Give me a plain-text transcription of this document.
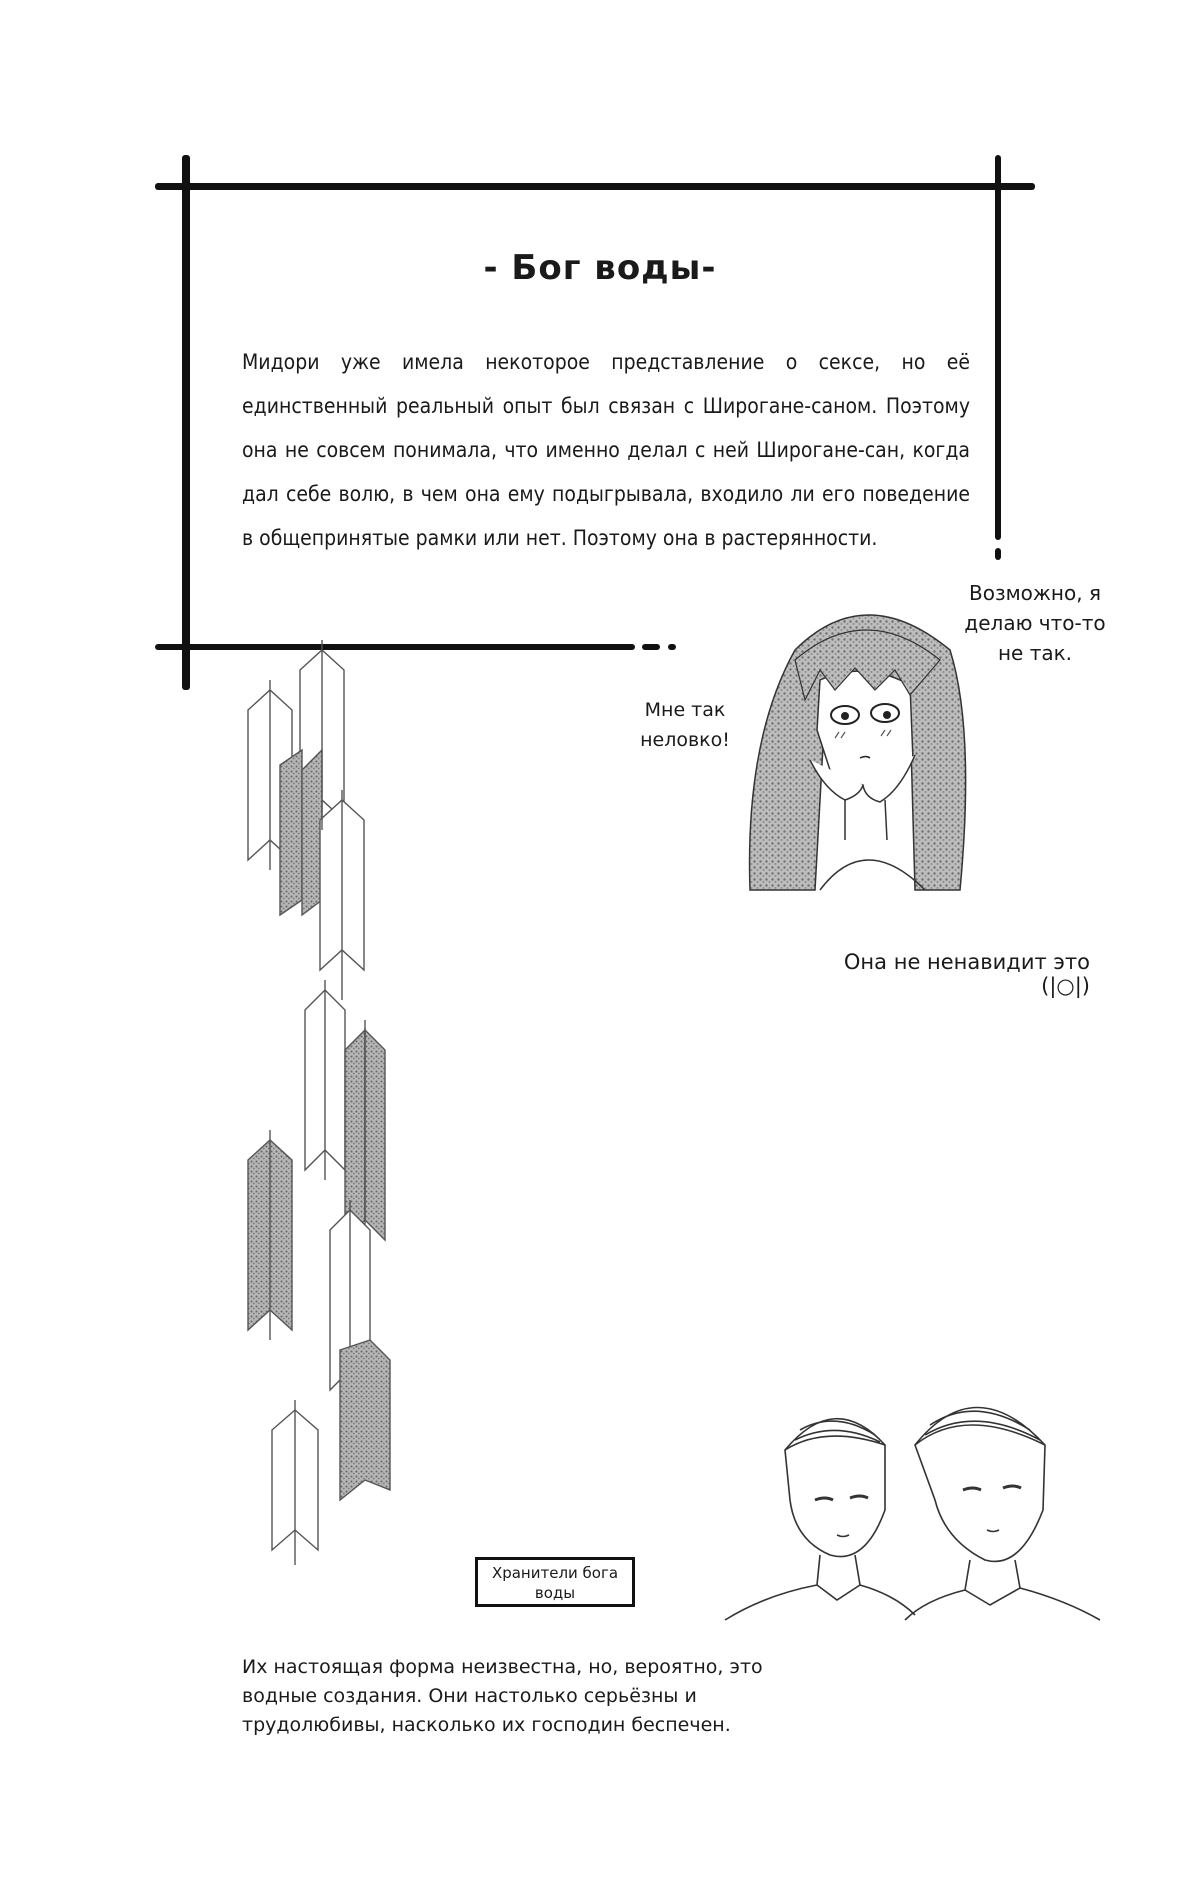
- Бог воды-
Мидори уже имела некоторое представление о сексе, но её единственный реальный опыт был связан с Широгане-саном. Поэтому она не совсем понимала, что именно делал с ней Широгане-сан, когда дал себе волю, в чем она ему подыгрывала, входило ли его поведение в общепринятые рамки или нет. Поэтому она в растерянности.
Возможно, я делаю что-то не так.
Мне так неловко!
Она не ненавидит это (|○|)
Хранители бога воды
Их настоящая форма неизвестна, но, вероятно, это водные создания. Они настолько серьёзны и трудолюбивы, насколько их господин беспечен.
